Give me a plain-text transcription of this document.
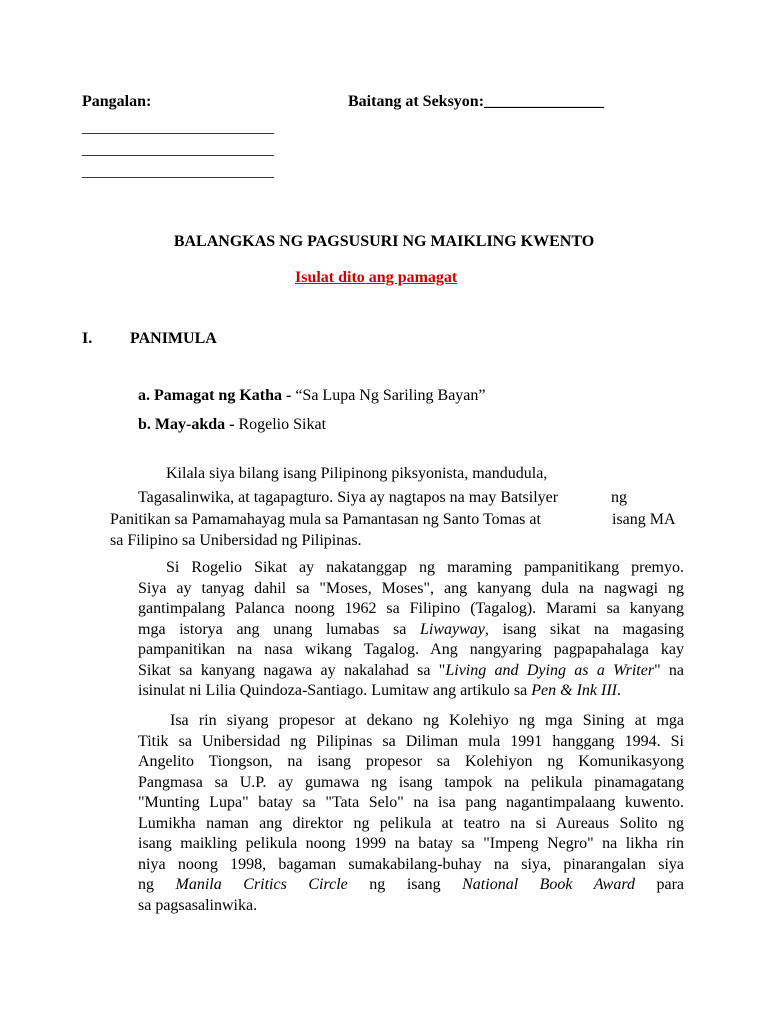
Pangalan:	Baitang at Seksyon:_______________
________________________
________________________
________________________
BALANGKAS NG PAGSUSURI NG MAIKLING KWENTO
Isulat dito ang pamagat
I. PANIMULA
a. Pamagat ng Katha - “Sa Lupa Ng Sariling Bayan”
b. May-akda - Rogelio Sikat
Kilala siya bilang isang Pilipinong piksyonista, mandudula,
Tagasalinwika, at tagapagturo. Siya ay nagtapos na may Batsilyer	ng
Panitikan sa Pamamahayag mula sa Pamantasan ng Santo Tomas at	isang MA
sa Filipino sa Unibersidad ng Pilipinas.
Si Rogelio Sikat ay nakatanggap ng maraming pampanitikang premyo.
Siya ay tanyag dahil sa "Moses, Moses", ang kanyang dula na nagwagi ng
gantimpalang Palanca noong 1962 sa Filipino (Tagalog). Marami sa kanyang
mga istorya ang unang lumabas sa Liwayway, isang sikat na magasing
pampanitikan na nasa wikang Tagalog. Ang nangyaring pagpapahalaga kay
Sikat sa kanyang nagawa ay nakalahad sa "Living and Dying as a Writer" na
isinulat ni Lilia Quindoza-Santiago. Lumitaw ang artikulo sa Pen & Ink III.
Isa rin siyang propesor at dekano ng Kolehiyo ng mga Sining at mga
Titik sa Unibersidad ng Pilipinas sa Diliman mula 1991 hanggang 1994. Si
Angelito Tiongson, na isang propesor sa Kolehiyon ng Komunikasyong
Pangmasa sa U.P. ay gumawa ng isang tampok na pelikula pinamagatang
"Munting Lupa" batay sa "Tata Selo" na isa pang nagantimpalaang kuwento.
Lumikha naman ang direktor ng pelikula at teatro na si Aureaus Solito ng
isang maikling pelikula noong 1999 na batay sa "Impeng Negro" na likha rin
niya noong 1998, bagaman sumakabilang-buhay na siya, pinarangalan siya
ng Manila Critics Circle ng isang National Book Award para
sa pagsasalinwika.
